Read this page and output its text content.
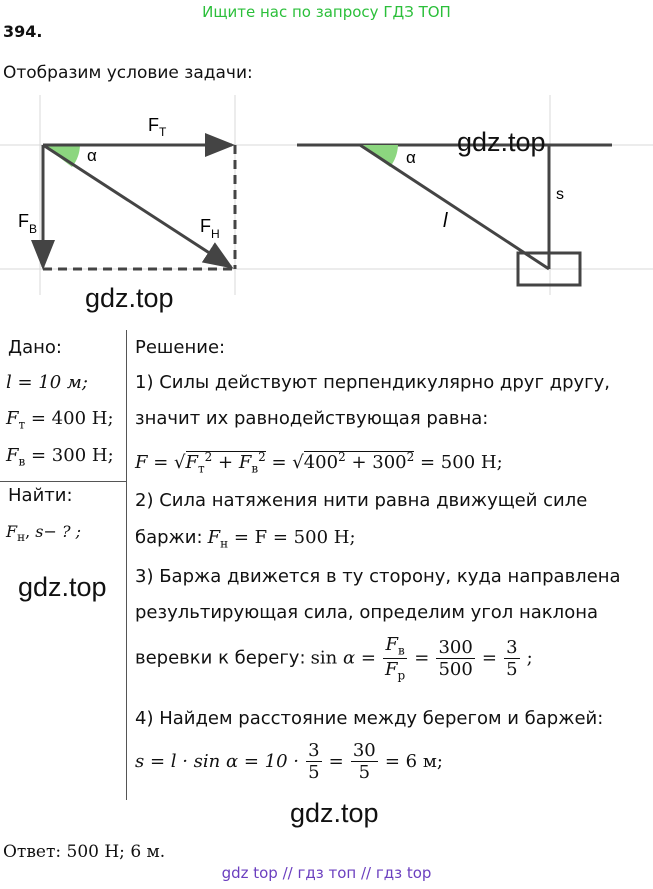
Ищите нас по запросу ГДЗ ТОП
394.
Отобразим условие задачи:
F Т
α
F В	F Н
α
l
s
gdz.top
gdz.top
gdz.top
gdz.top
Дано:
l = 10 м;
$F_т = 400$ Н;
$F_в = 300$ Н;
Найти:
$F_н$, s− ? ;
Решение:
1) Силы действуют перпендикулярно друг другу,
значит их равнодействующая равна:
$F = √F_т^2 + F_в^2 = √400^2 + 300^2 = 500$ Н;
2) Сила натяжения нити равна движущей силе
баржи: $F_н = F = 500$ Н;
3) Баржа движется в ту сторону, куда направлена
результирующая сила, определим угол наклона
веревки к берегу: $\sin \alpha = \frac{F_в}{F_р} = \frac{300}{500} = \frac{3}{5}$ ;
4) Найдем расстояние между берегом и баржей:
$s = l \cdot \sin \alpha = 10 \cdot \frac{3}{5} = \frac{30}{5} = 6$ м;
Ответ: 500 Н; 6 м.
gdz top // гдз топ // гдз top
